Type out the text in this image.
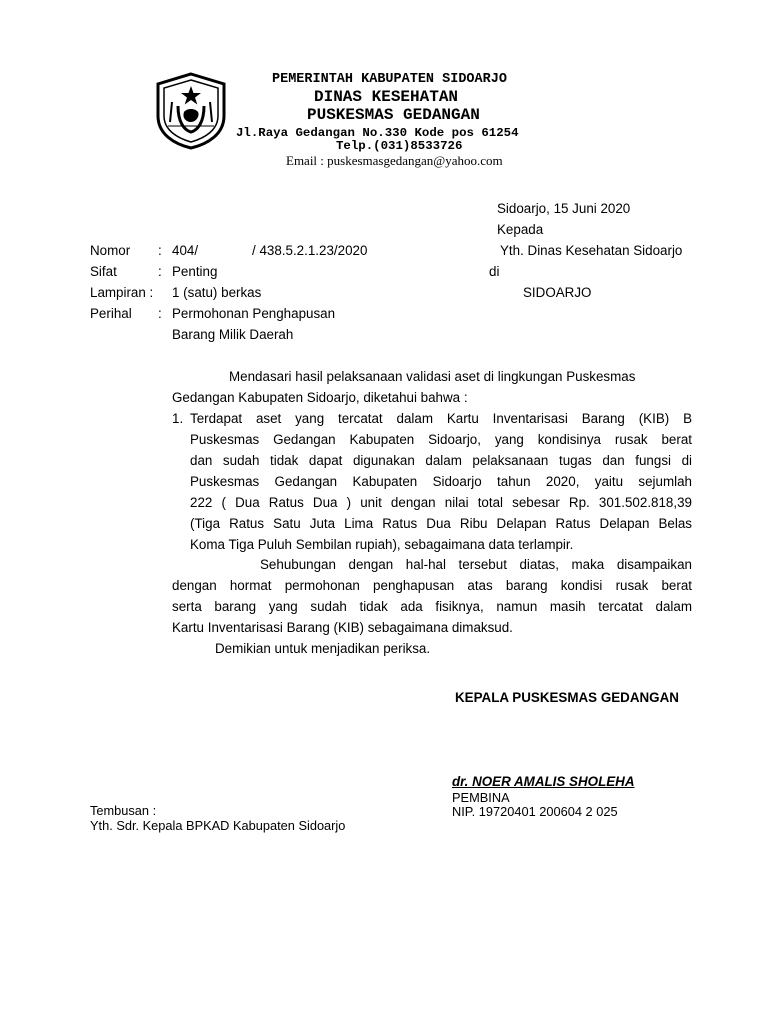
PEMERINTAH KABUPATEN SIDOARJO
DINAS KESEHATAN
PUSKESMAS GEDANGAN
Jl.Raya Gedangan No.330 Kode pos 61254
Telp.(031)8533726
Email : puskesmasgedangan@yahoo.com
Sidoarjo, 15 Juni 2020
Kepada
Yth. Dinas Kesehatan Sidoarjo
di
SIDOARJO
Nomor : 404/	/ 438.5.2.1.23/2020
Sifat	: Penting
Lampiran : 1 (satu) berkas
Perihal : Permohonan Penghapusan
Barang Milik Daerah
Mendasari hasil pelaksanaan validasi aset di lingkungan Puskesmas
Gedangan Kabupaten Sidoarjo, diketahui bahwa :
1. Terdapat aset yang tercatat dalam Kartu Inventarisasi Barang (KIB) B
Puskesmas Gedangan Kabupaten Sidoarjo, yang kondisinya rusak berat
dan sudah tidak dapat digunakan dalam pelaksanaan tugas dan fungsi di
Puskesmas Gedangan Kabupaten Sidoarjo tahun 2020, yaitu sejumlah
222 ( Dua Ratus Dua ) unit dengan nilai total sebesar Rp. 301.502.818,39
(Tiga Ratus Satu Juta Lima Ratus Dua Ribu Delapan Ratus Delapan Belas
Koma Tiga Puluh Sembilan rupiah), sebagaimana data terlampir.
Sehubungan dengan hal-hal tersebut diatas, maka disampaikan
dengan hormat permohonan penghapusan atas barang kondisi rusak berat
serta barang yang sudah tidak ada fisiknya, namun masih tercatat dalam
Kartu Inventarisasi Barang (KIB) sebagaimana dimaksud.
Demikian untuk menjadikan periksa.
KEPALA PUSKESMAS GEDANGAN
dr. NOER AMALIS SHOLEHA
PEMBINA
NIP. 19720401 200604 2 025
Tembusan :
Yth. Sdr. Kepala BPKAD Kabupaten Sidoarjo
